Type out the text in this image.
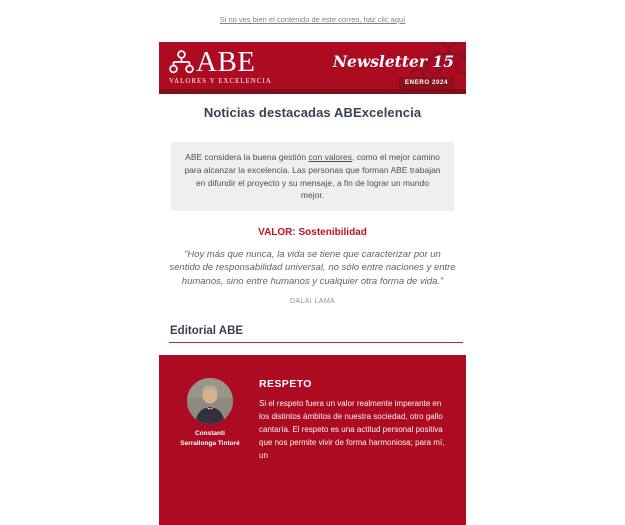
Si no ves bien el contenido de este correo, haz clic aquí
ABE
VALORES Y EXCELENCIA
Newsletter 15
ENERO 2024
Noticias destacadas ABExcelencia
ABE considera la buena gestión con valores, como el mejor camino para alcanzar la excelencia. Las personas que forman ABE trabajan en difundir el proyecto y su mensaje, a fin de lograr un mundo mejor.
VALOR: Sostenibilidad
“Hoy más que nunca, la vida se tiene que caracterizar por un sentido de responsabilidad universal, no sólo entre naciones y entre humanos, sino entre humanos y cualquier otra forma de vida.”
DALAI LAMA
Editorial ABE
Constanti
Serrallonga Tintoré
RESPETO
Si el respeto fuera un valor realmente imperante en los distintos ámbitos de nuestra sociedad, otro gallo cantaría. El respeto es una actitud personal positiva que nos permite vivir de forma harmoniosa; para mí, un
